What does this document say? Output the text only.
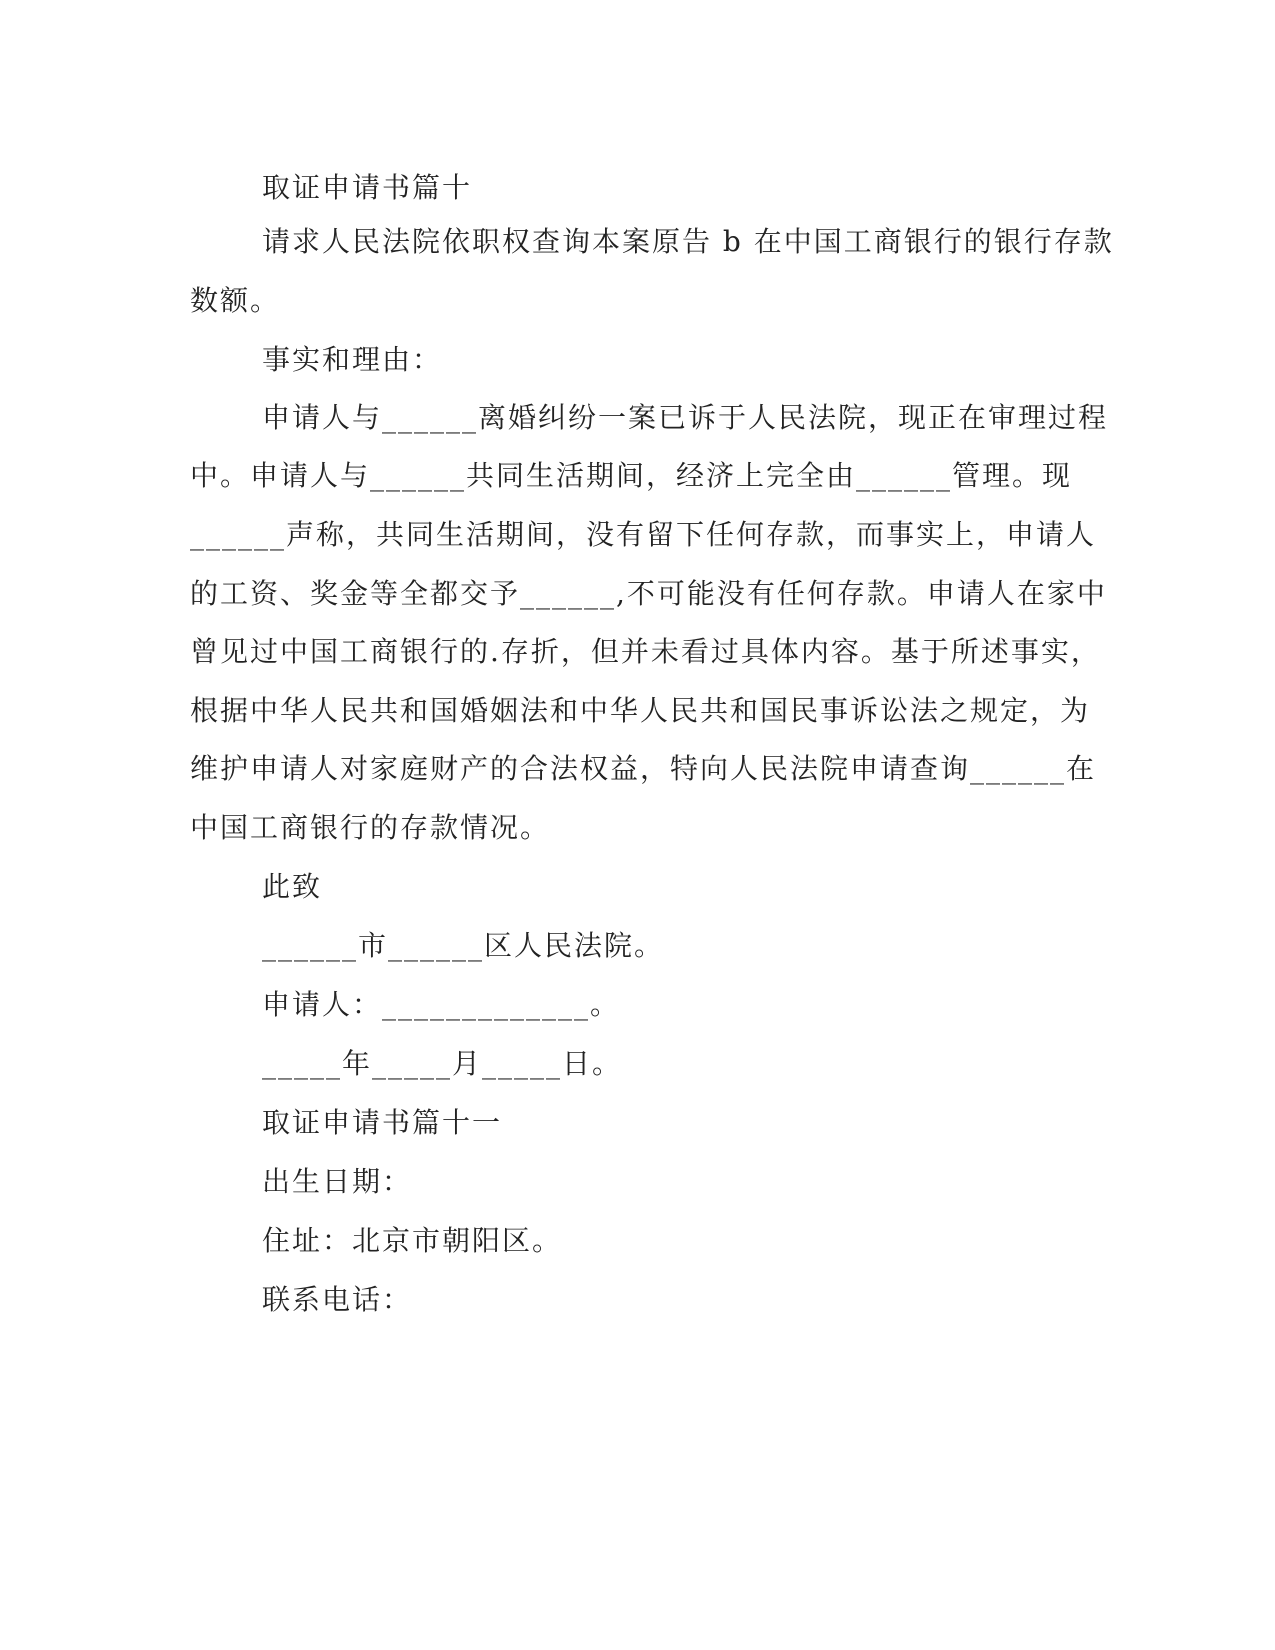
取证申请书篇十
请求人民法院依职权查询本案原告 b 在中国工商银行的银行存款
数额。
事实和理由：
申请人与______离婚纠纷一案已诉于人民法院，现正在审理过程
中。申请人与______共同生活期间，经济上完全由______管理。现
______声称，共同生活期间，没有留下任何存款，而事实上，申请人
的工资、奖金等全都交予______,不可能没有任何存款。申请人在家中
曾见过中国工商银行的.存折，但并未看过具体内容。基于所述事实，
根据中华人民共和国婚姻法和中华人民共和国民事诉讼法之规定，为
维护申请人对家庭财产的合法权益，特向人民法院申请查询______在
中国工商银行的存款情况。
此致
______市______区人民法院。
申请人：_____________。
_____年_____月_____日。
取证申请书篇十一
出生日期：
住址：北京市朝阳区。
联系电话：
